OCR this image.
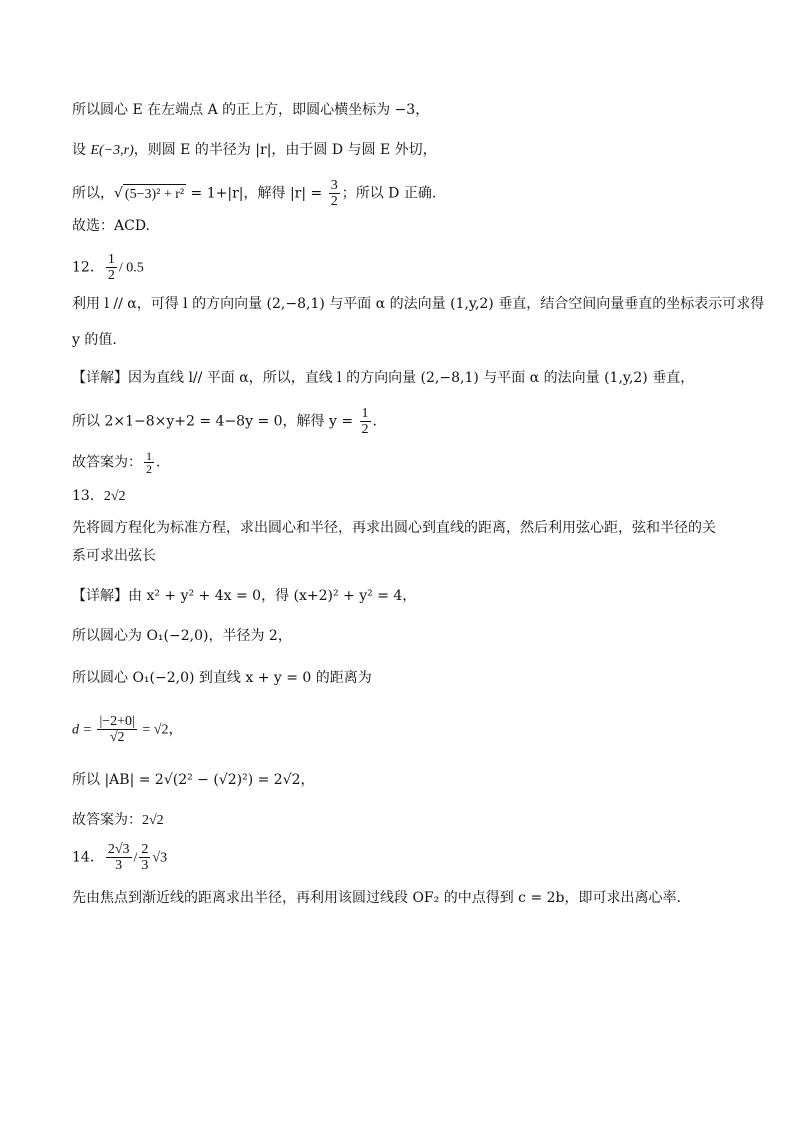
所以圆心 E 在左端点 A 的正上方，即圆心横坐标为 −3，
设 E(−3,r)，则圆 E 的半径为 |r|，由于圆 D 与圆 E 外切，
所以，√ (5−3)² + r² = 1+|r|，解得 $|r| = \frac{3}{2}$ ；所以 D 正确.
故选：ACD.
12． $\frac{1}{2} / 0.5$
利用 l // α，可得 l 的方向向量 (2,−8,1) 与平面 α 的法向量 (1,y,2) 垂直，结合空间向量垂直的坐标表示可求得
y 的值.
【详解】因为直线 l// 平面 α，所以，直线 l 的方向向量 (2,−8,1) 与平面 α 的法向量 (1,y,2) 垂直，
所以 2×1−8×y+2 = 4−8y = 0，解得 $y = \frac{1}{2}$ .
故答案为： $\frac{1}{2}$ .
13．2√2
先将圆方程化为标准方程，求出圆心和半径，再求出圆心到直线的距离，然后利用弦心距，弦和半径的关
系可求出弦长
【详解】由 x² + y² + 4x = 0，得 (x+2)² + y² = 4，
所以圆心为 O₁(−2,0)，半径为 2，
所以圆心 O₁(−2,0) 到直线 x + y = 0 的距离为
$d = \frac{|-2+0|}{√2} = √2$，
所以 |AB| = 2√(2² − (√2)²) = 2√2，
故答案为：2√2
14． $\frac{2√3}{3} / \frac{2}{3} √3$
先由焦点到渐近线的距离求出半径，再利用该圆过线段 OF₂ 的中点得到 c = 2b，即可求出离心率.
